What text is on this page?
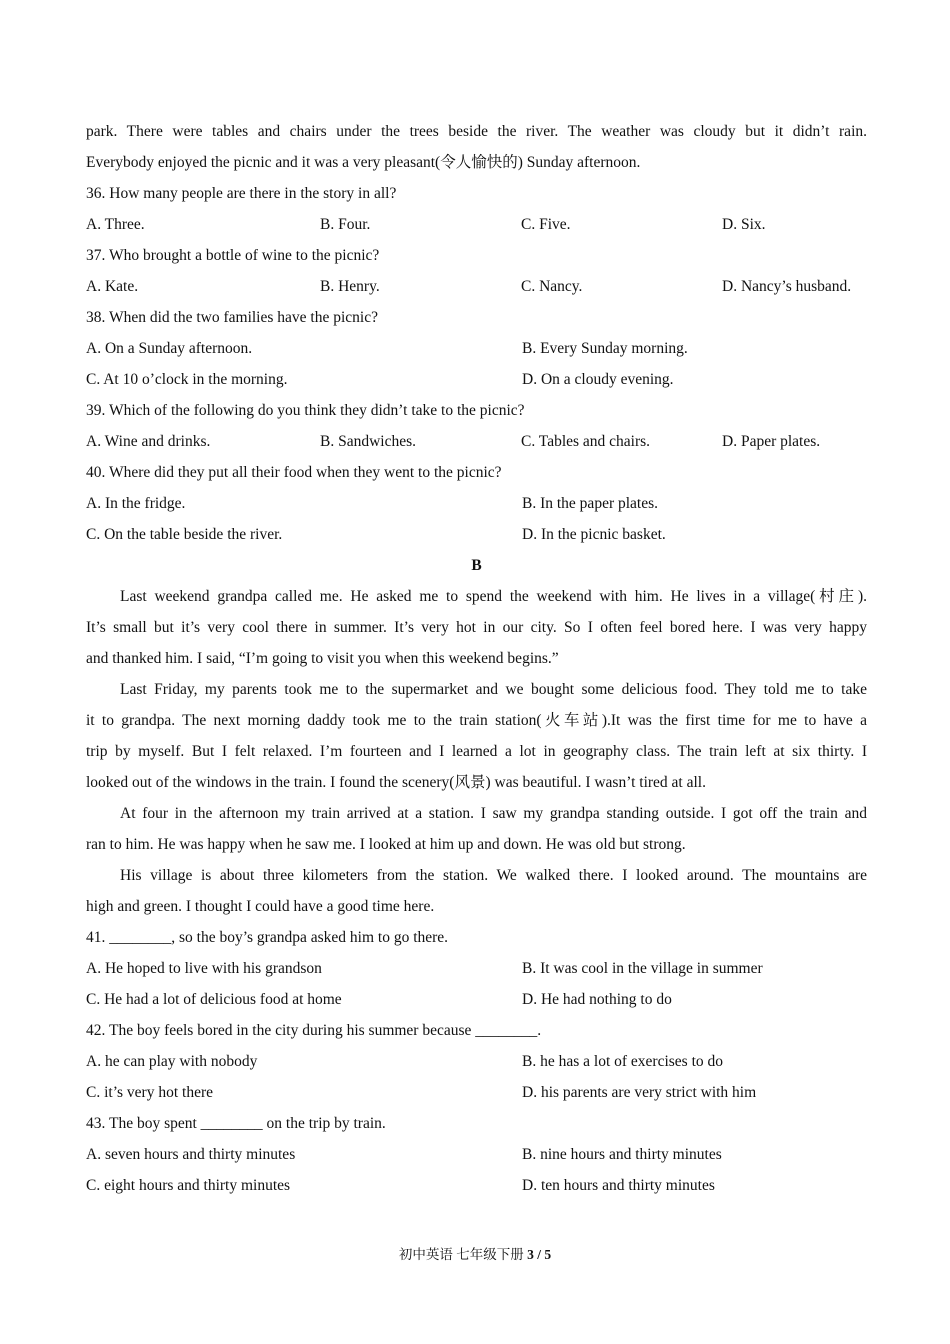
park. There were tables and chairs under the trees beside the river. The weather was cloudy but it didn’t rain.
Everybody enjoyed the picnic and it was a very pleasant(令人愉快的) Sunday afternoon.
36. How many people are there in the story in all?
A. Three.	B. Four.	C. Five.	D. Six.
37. Who brought a bottle of wine to the picnic?
A. Kate.	B. Henry.	C. Nancy.	D. Nancy’s husband.
38. When did the two families have the picnic?
A. On a Sunday afternoon.	B. Every Sunday morning.
C. At 10 o’clock in the morning.	D. On a cloudy evening.
39. Which of the following do you think they didn’t take to the picnic?
A. Wine and drinks.	B. Sandwiches.	C. Tables and chairs.	D. Paper plates.
40. Where did they put all their food when they went to the picnic?
A. In the fridge.	B. In the paper plates.
C. On the table beside the river.	D. In the picnic basket.
B
Last weekend grandpa called me. He asked me to spend the weekend with him. He lives in a village(村庄).
It’s small but it’s very cool there in summer. It’s very hot in our city. So I often feel bored here. I was very happy
and thanked him. I said, “I’m going to visit you when this weekend begins.”
Last Friday, my parents took me to the supermarket and we bought some delicious food. They told me to take
it to grandpa. The next morning daddy took me to the train station(火车站).It was the first time for me to have a
trip by myself. But I felt relaxed. I’m fourteen and I learned a lot in geography class. The train left at six thirty. I
looked out of the windows in the train. I found the scenery(风景) was beautiful. I wasn’t tired at all.
At four in the afternoon my train arrived at a station. I saw my grandpa standing outside. I got off the train and
ran to him. He was happy when he saw me. I looked at him up and down. He was old but strong.
His village is about three kilometers from the station. We walked there. I looked around. The mountains are
high and green. I thought I could have a good time here.
41. ________, so the boy’s grandpa asked him to go there.
A. He hoped to live with his grandson	B. It was cool in the village in summer
C. He had a lot of delicious food at home	D. He had nothing to do
42. The boy feels bored in the city during his summer because ________.
A. he can play with nobody	B. he has a lot of exercises to do
C. it’s very hot there	D. his parents are very strict with him
43. The boy spent ________ on the trip by train.
A. seven hours and thirty minutes	B. nine hours and thirty minutes
C. eight hours and thirty minutes	D. ten hours and thirty minutes
初中英语 七年级下册 3 / 5
